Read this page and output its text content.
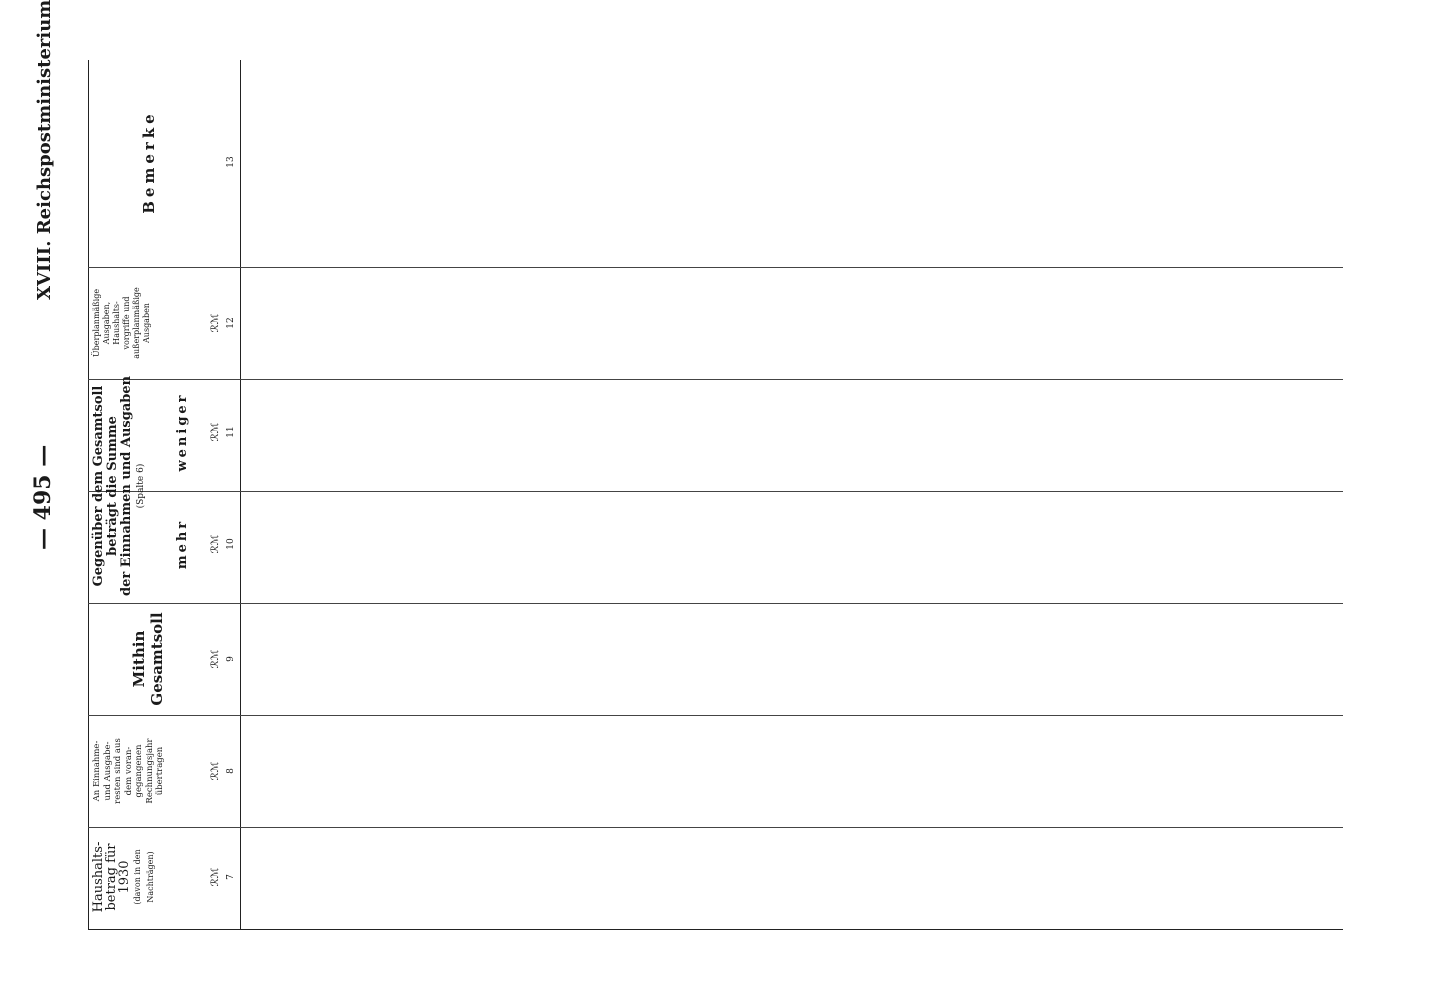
— 495 —
XVIII. Reichspostministerium
Haushalts-
betrag für
1930 (davon in den Nachträgen)
An Einnahme- und Ausgabe- resten sind aus dem voran- gegangenen Rechnungsjahr übertragen
Mithin Gesamtsoll
Gegenüber dem Gesamtsoll beträgt die Summe der Einnahmen und Ausgaben (Spalte 6)
mehr
weniger
Überplanmäßige Ausgaben, Haushalts- vorgriffe und außerplanmäßige Ausgaben
Bemerke
ℛℳ
ℛℳ
ℛℳ
ℛℳ
ℛℳ
ℛℳ
7
8
9
10
11
12
13
